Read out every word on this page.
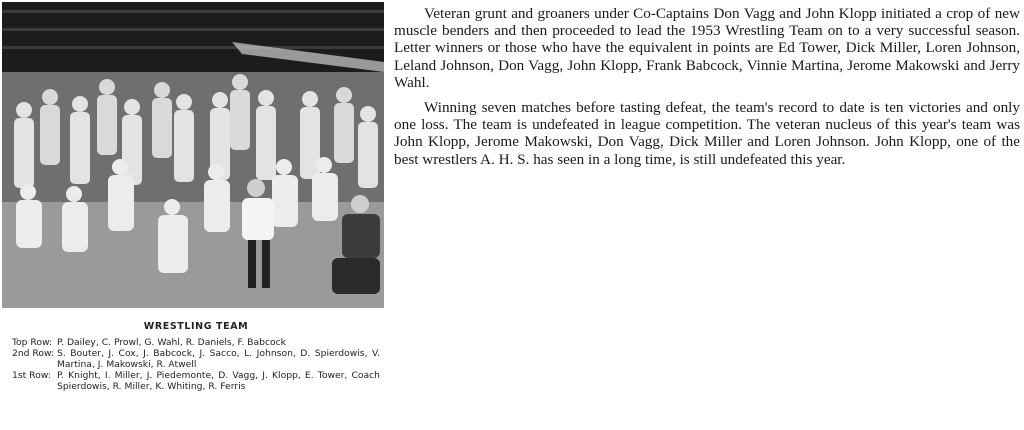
WRESTLING TEAM
Top Row: P. Dailey, C. Prowl, G. Wahl, R. Daniels, F. Babcock
2nd Row: S. Bouter, J. Cox, J. Babcock, J. Sacco, L. Johnson, D. Spierdowis, V. Martina, J. Makowski, R. Atwell
1st Row: P. Knight, I. Miller, J. Piedemonte, D. Vagg, J. Klopp, E. Tower, Coach Spierdowis, R. Miller, K. Whiting, R. Ferris

Veteran grunt and groaners under Co-Captains Don Vagg and John Klopp initiated a crop of new muscle benders and then proceeded to lead the 1953 Wrestling Team on to a very successful season. Letter winners or those who have the equivalent in points are Ed Tower, Dick Miller, Loren Johnson, Leland Johnson, Don Vagg, John Klopp, Frank Babcock, Vinnie Martina, Jerome Makowski and Jerry Wahl.

Winning seven matches before tasting defeat, the team's record to date is ten victories and only one loss. The team is undefeated in league competition. The veteran nucleus of this year's team was John Klopp, Jerome Makowski, Don Vagg, Dick Miller and Loren Johnson. John Klopp, one of the best wrestlers A. H. S. has seen in a long time, is still undefeated this year.
